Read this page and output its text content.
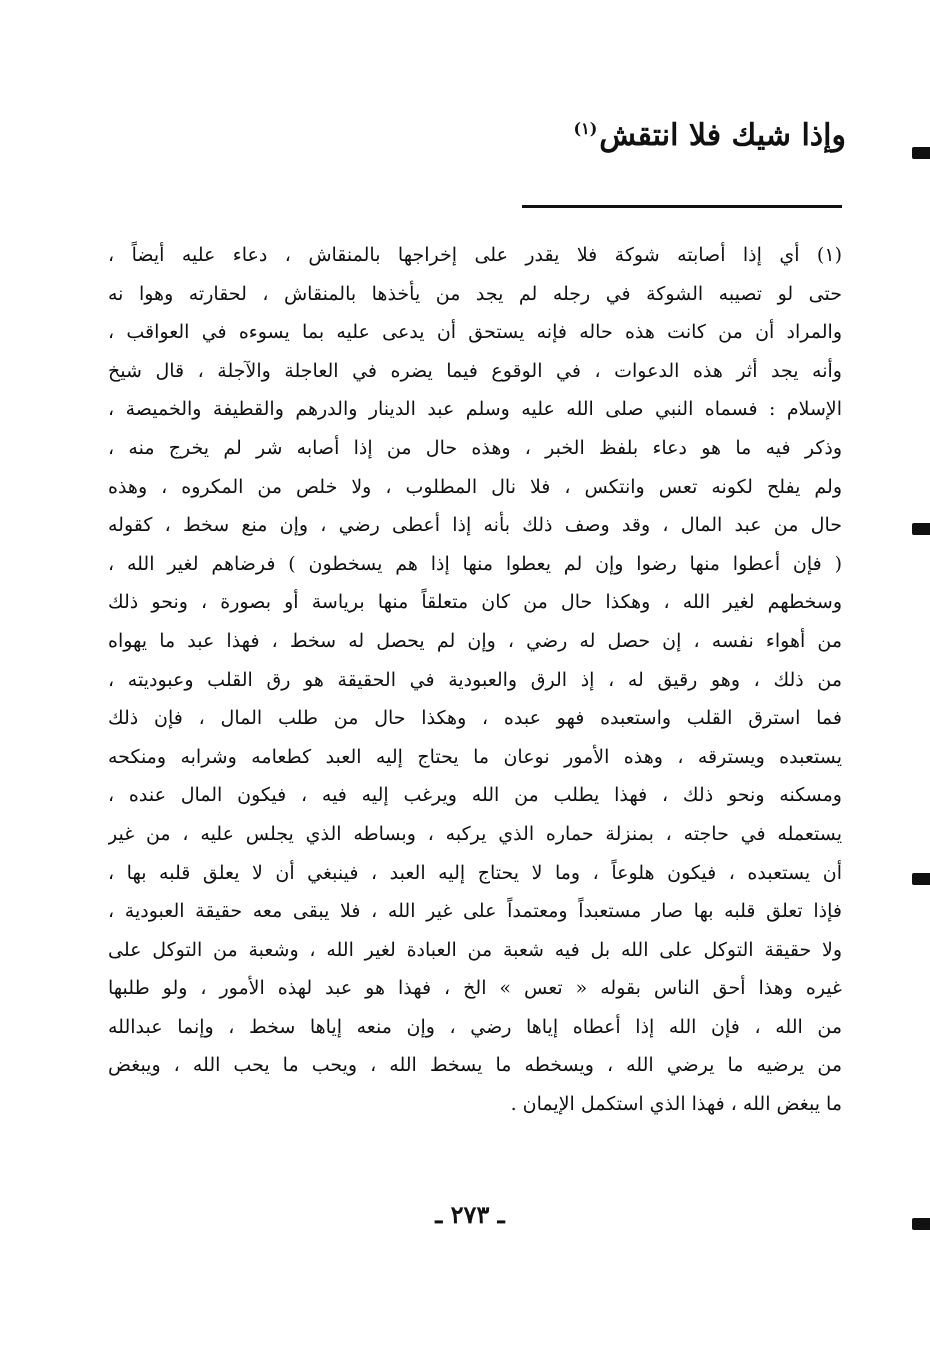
وإذا شيك فلا انتقش$^{(١)}$
(١) أي إذا أصابته شوكة فلا يقدر على إخراجها بالمنقاش ، دعاء عليه أيضاً ،
حتى لو تصيبه الشوكة في رجله لم يجد من يأخذها بالمنقاش ، لحقارته وهوا نه
والمراد أن من كانت هذه حاله فإنه يستحق أن يدعى عليه بما يسوءه في العواقب ،
وأنه يجد أثر هذه الدعوات ، في الوقوع فيما يضره في العاجلة والآجلة ، قال شيخ
الإسلام : فسماه النبي صلى الله عليه وسلم عبد الدينار والدرهم والقطيفة والخميصة ،
وذكر فيه ما هو دعاء بلفظ الخبر ، وهذه حال من إذا أصابه شر لم يخرج منه ،
ولم يفلح لكونه تعس وانتكس ، فلا نال المطلوب ، ولا خلص من المكروه ، وهذه
حال من عبد المال ، وقد وصف ذلك بأنه إذا أعطى رضي ، وإن منع سخط ، كقوله
( فإن أعطوا منها رضوا وإن لم يعطوا منها إذا هم يسخطون ) فرضاهم لغير الله ،
وسخطهم لغير الله ، وهكذا حال من كان متعلقاً منها برياسة أو بصورة ، ونحو ذلك
من أهواء نفسه ، إن حصل له رضي ، وإن لم يحصل له سخط ، فهذا عبد ما يهواه
من ذلك ، وهو رقيق له ، إذ الرق والعبودية في الحقيقة هو رق القلب وعبوديته ،
فما استرق القلب واستعبده فهو عبده ، وهكذا حال من طلب المال ، فإن ذلك
يستعبده ويسترقه ، وهذه الأمور نوعان ما يحتاج إليه العبد كطعامه وشرابه ومنكحه
ومسكنه ونحو ذلك ، فهذا يطلب من الله ويرغب إليه فيه ، فيكون المال عنده ،
يستعمله في حاجته ، بمنزلة حماره الذي يركبه ، وبساطه الذي يجلس عليه ، من غير
أن يستعبده ، فيكون هلوعاً ، وما لا يحتاج إليه العبد ، فينبغي أن لا يعلق قلبه بها ،
فإذا تعلق قلبه بها صار مستعبداً ومعتمداً على غير الله ، فلا يبقى معه حقيقة العبودية ،
ولا حقيقة التوكل على الله بل فيه شعبة من العبادة لغير الله ، وشعبة من التوكل على
غيره وهذا أحق الناس بقوله « تعس » الخ ، فهذا هو عبد لهذه الأمور ، ولو طلبها
من الله ، فإن الله إذا أعطاه إياها رضي ، وإن منعه إياها سخط ، وإنما عبدالله
من يرضيه ما يرضي الله ، ويسخطه ما يسخط الله ، ويحب ما يحب الله ، ويبغض
ما يبغض الله ، فهذا الذي استكمل الإيمان .
ـ ٢٧٣ ـ
